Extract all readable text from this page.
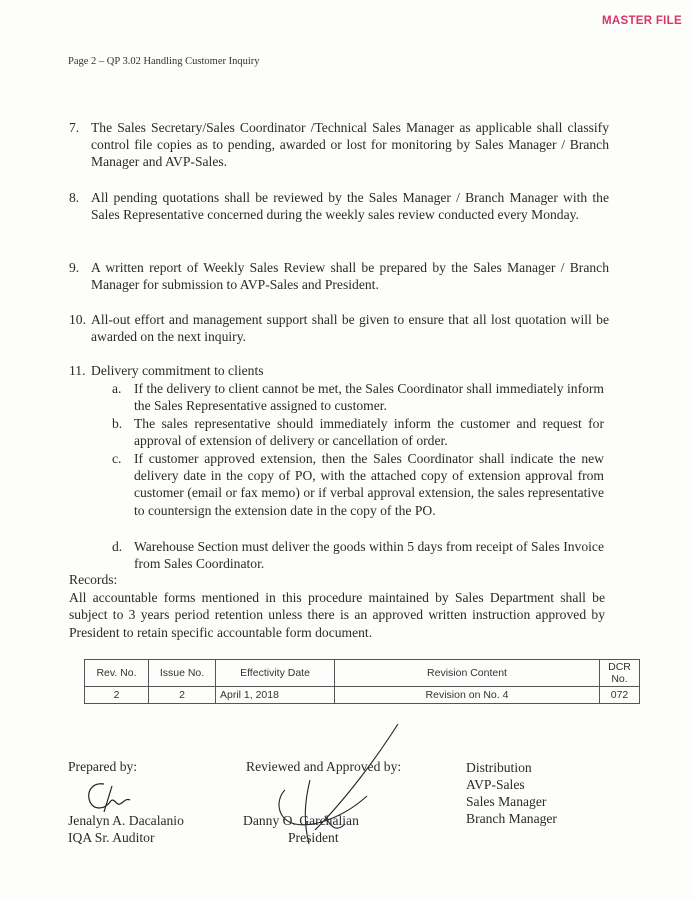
MASTER FILE
Page 2 – QP 3.02 Handling Customer Inquiry
7. The Sales Secretary/Sales Coordinator /Technical Sales Manager as applicable shall classify control file copies as to pending, awarded or lost for monitoring by Sales Manager / Branch Manager and AVP-Sales.
8. All pending quotations shall be reviewed by the Sales Manager / Branch Manager with the Sales Representative concerned during the weekly sales review conducted every Monday.
9. A written report of Weekly Sales Review shall be prepared by the Sales Manager / Branch Manager for submission to AVP-Sales and President.
10. All-out effort and management support shall be given to ensure that all lost quotation will be awarded on the next inquiry.
11. Delivery commitment to clients
a. If the delivery to client cannot be met, the Sales Coordinator shall immediately inform the Sales Representative assigned to customer.
b. The sales representative should immediately inform the customer and request for approval of extension of delivery or cancellation of order.
c. If customer approved extension, then the Sales Coordinator shall indicate the new delivery date in the copy of PO, with the attached copy of extension approval from customer (email or fax memo) or if verbal approval extension, the sales representative to countersign the extension date in the copy of the PO.
d. Warehouse Section must deliver the goods within 5 days from receipt of Sales Invoice from Sales Coordinator.
Records:
All accountable forms mentioned in this procedure maintained by Sales Department shall be subject to 3 years period retention unless there is an approved written instruction approved by President to retain specific accountable form document.
Rev. No.	Issue No.	Effectivity Date	Revision Content	DCR No.
2	2	April 1, 2018	Revision on No. 4	072
Prepared by:
Jenalyn A. Dacalanio
IQA Sr. Auditor
Reviewed and Approved by:
Danny O. Garchalian
President
Distribution
AVP-Sales
Sales Manager
Branch Manager
